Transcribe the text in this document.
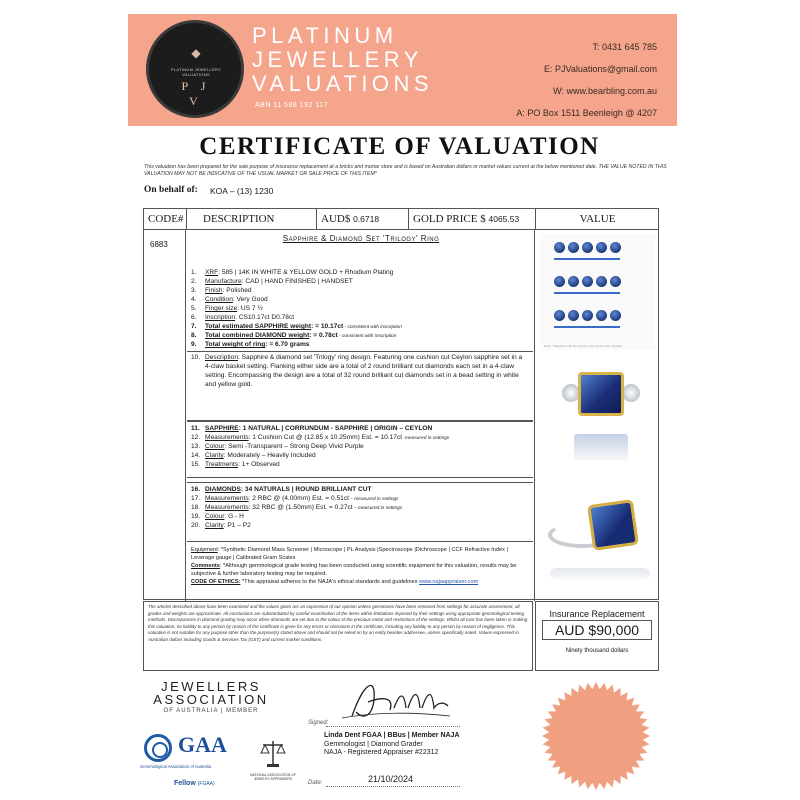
◆
PLATINUM JEWELLERY VALUATIONS
P J V
PLATINUM
JEWELLERY
VALUATIONS
ABN 11 588 192 117
T: 0431 645 785
E: PJValuations@gmail.com
W: www.bearbling.com.au
A: PO Box 1511 Beenleigh @ 4207
CERTIFICATE OF VALUATION
This valuation has been prepared for the sale purpose of insurance replacement at a bricks and mortar store and is based on Australian dollars or market values current at the below mentioned date. THE VALUE NOTED IN THIS VALUATION MAY NOT BE INDICATIVE OF THE USUAL MARKET OR SALE PRICE OF THIS ITEM*
On behalf of: KOA – (13) 1230
CODE#	DESCRIPTION	AUD$ 0.6718	GOLD PRICE $ 4065.53	VALUE
6883
Sapphire & Diamond Set 'Trilogy' Ring
1. XRF: 585 | 14K IN WHITE & YELLOW GOLD + Rhodium Plating
2. Manufacture: CAD | HAND FINISHED | HANDSET
3. Finish: Polished
4. Condition: Very Good
5. Finger size: US 7 ½
6. Inscription: CS10.17ct D0.78ct
7. Total estimated SAPPHIRE weight: = 10.17ct - consistent with inscription
8. Total combined DIAMOND weight: = 0.78ct - consistent with inscription
9. Total weight of ring: = 6.70 grams
10. Description: Sapphire & diamond set 'Trilogy' ring design. Featuring one cushion cut Ceylon sapphire set in a 4-claw basket setting. Flanking either side are a total of 2 round brilliant cut diamonds each set in a 4-claw setting. Encompassing the design are a total of 32 round brilliant cut diamonds set in a bead setting in white and yellow gold.
11. SAPPHIRE: 1 NATURAL | CORRUNDUM - SAPPHIRE | ORIGIN – CEYLON
12. Measurements: 1 Cushion Cut @ (12.85 x 10.25mm) Est. = 10.17ct -measured in settings
13. Colour: Semi -Transparent – Strong Deep Vivid Purple
14. Clarity: Moderately – Heavily Included
15. Treatments: 1+ Observed
16. DIAMONDS: 34 NATURALS | ROUND BRILLIANT CUT
17. Measurements: 2 RBC @ (4.00mm) Est. = 0.51ct – measured in settings
18. Measurements: 32 RBC @ (1.50mm) Est. = 0.27ct – measured in settings
19. Colour: G - H
20. Clarity: P1 – P2
Equipment: *Synthetic Diamond Mass Screener | Microscope | PL Analysis |Spectroscope |Dichroscope | CCF Refractive Index | Leverage gauge | Calibrated Gram Scales
Comments: *Although gemmological grade testing has been conducted using scientific equipment for this valuation, results may be subjective & further laboratory testing may be required.
CODE OF ETHICS: *This appraisal adheres to the NAJA's ethical standards and guidelines www.najaappraiser.com
Note - Sapphires can be found in any colour of the rainbow
The articles described above have been examined and the values given are an expression of our opinion unless gemstones have been removed from settings for accurate assessment, all grades and weights are approximate. All conclusions are substantiated by careful examination of the items within limitations imposed by their settings using appropriate gemmological testing methods. Discrepancies in diamond grading may occur when diamonds are set due to the colour of the precious metal and restrictions of the settings. Whilst all care has been taken in making this valuation, no liability to any person by reason of the certificate is given for any errors or omissions in the certificate, including any liability to any person by reason of negligence. This valuation is not suitable for any purpose other than the purpose(s) stated above and should not be relied on by an entity besides addressee, unless specifically noted. Values expressed in Australian dollars including Goods & Services Tax (GST) and current market conditions.
Insurance Replacement
AUD $90,000
Ninety thousand dollars
JEWELLERS
ASSOCIATION
OF AUSTRALIA | MEMBER
GAA
Gemmological Association of Australia
Fellow (FGAA)
NATIONAL ASSOCIATION OF JEWELRY APPRAISERS
Signed:
Linda Dent FGAA | BBus | Member NAJA
Gemmologist | Diamond Grader
NAJA - Registered Appraiser #22312
Date:	21/10/2024
